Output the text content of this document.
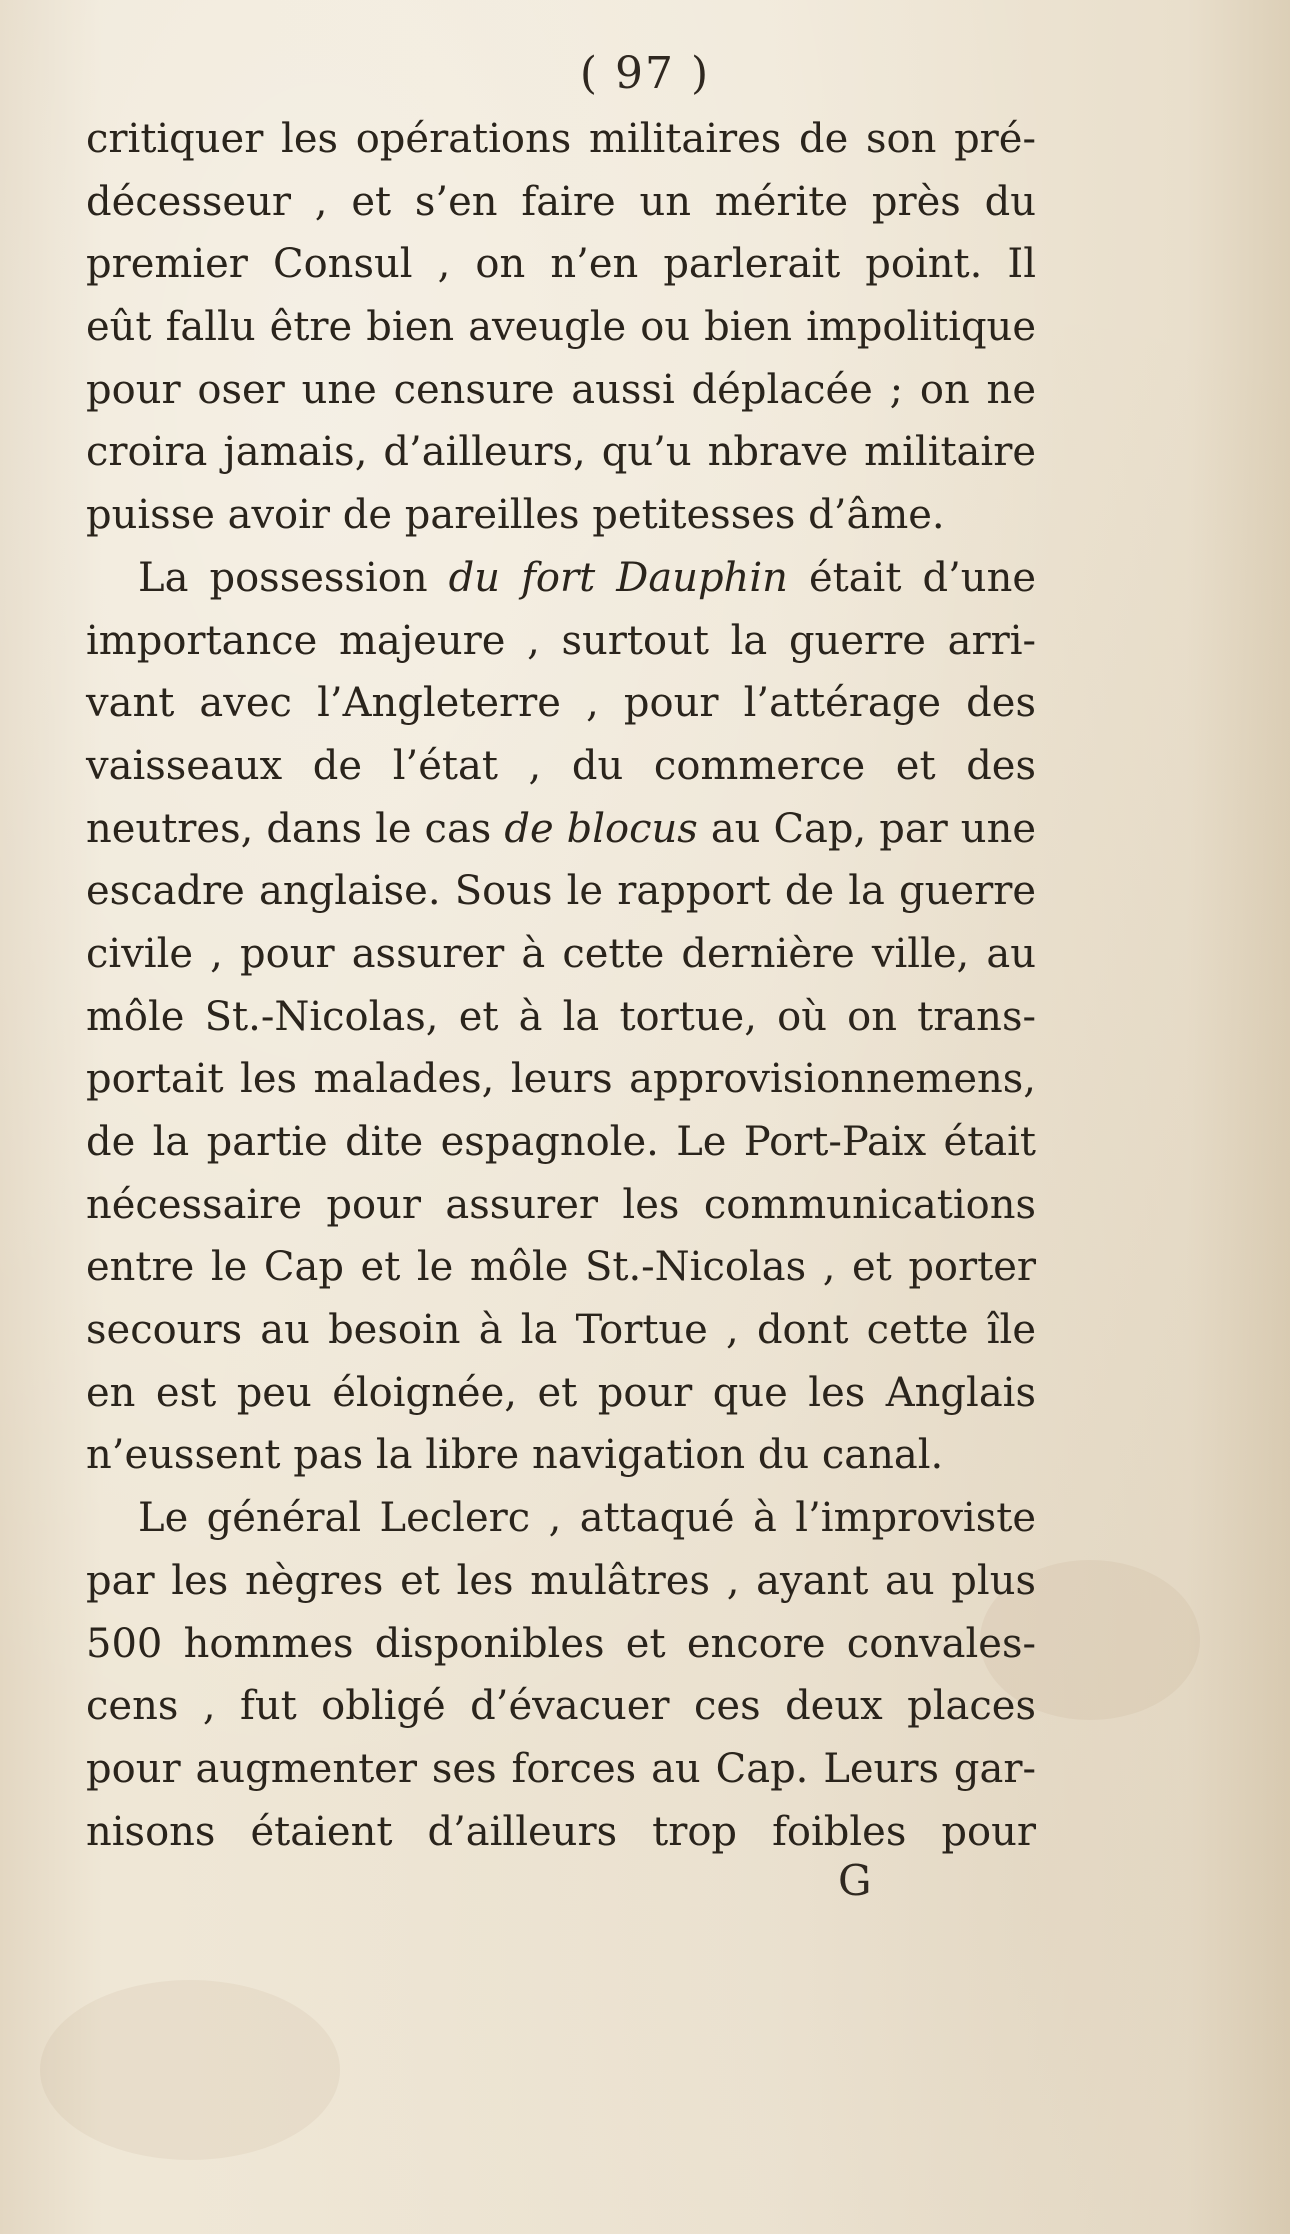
( 97 )
critiquer les opérations militaires de son pré-
décesseur , et s’en faire un mérite près du
premier Consul , on n’en parlerait point. Il
eût fallu être bien aveugle ou bien impolitique
pour oser une censure aussi déplacée ; on ne
croira jamais, d’ailleurs, qu’u nbrave militaire
puisse avoir de pareilles petitesses d’âme.
La possession du fort Dauphin était d’une
importance majeure , surtout la guerre arri-
vant avec l’Angleterre , pour l’attérage des
vaisseaux de l’état , du commerce et des
neutres, dans le cas de blocus au Cap, par une
escadre anglaise. Sous le rapport de la guerre
civile , pour assurer à cette dernière ville, au
môle St.-Nicolas, et à la tortue, où on trans-
portait les malades, leurs approvisionnemens,
de la partie dite espagnole. Le Port-Paix était
nécessaire pour assurer les communications
entre le Cap et le môle St.-Nicolas , et porter
secours au besoin à la Tortue , dont cette île
en est peu éloignée, et pour que les Anglais
n’eussent pas la libre navigation du canal.
Le général Leclerc , attaqué à l’improviste
par les nègres et les mulâtres , ayant au plus
500 hommes disponibles et encore convales-
cens , fut obligé d’évacuer ces deux places
pour augmenter ses forces au Cap. Leurs gar-
nisons étaient d’ailleurs trop foibles pour
G
